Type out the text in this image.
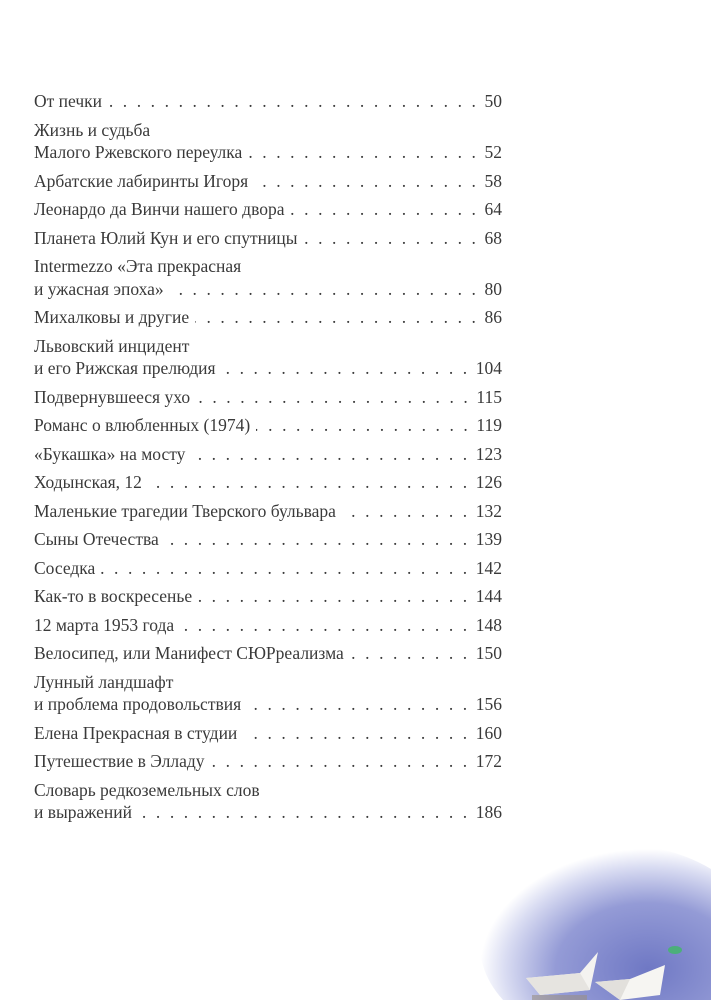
От печки . . .	50
Жизнь и судьба
Малого Ржевского переулка . . .	52
Арбатские лабиринты Игоря . . .	58
Леонардо да Винчи нашего двора . . .	64
Планета Юлий Кун и его спутницы . . .	68
Intermezzo «Эта прекрасная
и ужасная эпоха» . . .	80
Михалковы и другие . . .	86
Львовский инцидент
и его Рижская прелюдия . . .	104
Подвернувшееся ухо . . .	115
Романс о влюбленных (1974) . . .	119
«Букашка» на мосту . . .	123
Ходынская, 12 . . .	126
Маленькие трагедии Тверского бульвара . . .	132
Сыны Отечества . . .	139
Соседка . . .	142
Как-то в воскресенье . . .	144
12 марта 1953 года . . .	148
Велосипед, или Манифест СЮРреализма . . .	150
Лунный ландшафт
и проблема продовольствия . . .	156
Елена Прекрасная в студии . . .	160
Путешествие в Элладу . . .	172
Словарь редкоземельных слов
и выражений . . .	186
